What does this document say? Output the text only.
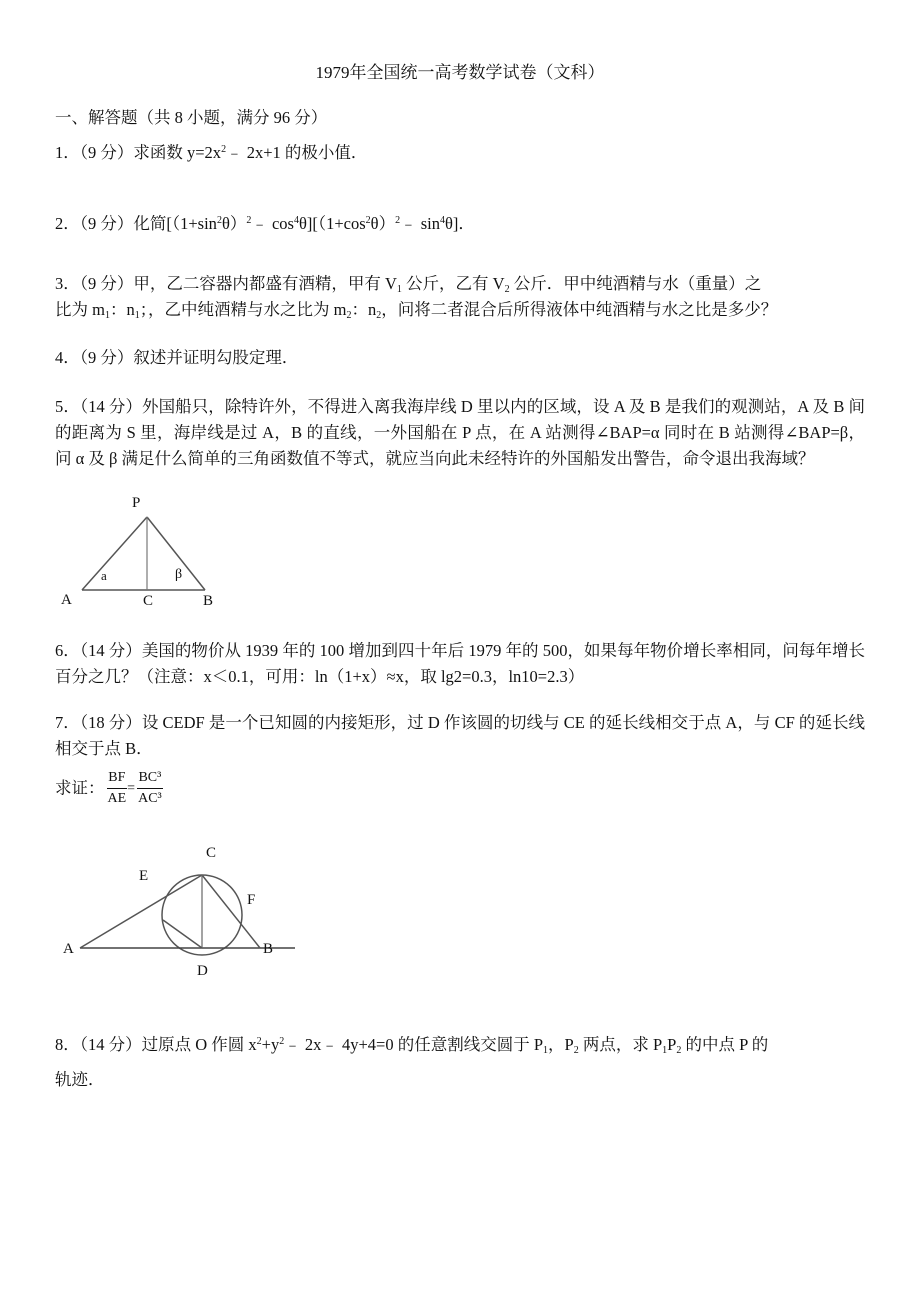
1979年全国统一高考数学试卷（文科）
一、解答题（共 8 小题，满分 96 分）
1．（9 分）求函数 $y=2x^2﹣$ 2x+1 的极小值．
2．（9 分）化简[$(1+\sin^2\theta)^2﹣$ $\cos^4\theta][(1+\cos^2\theta)^2﹣$ $\sin^4\theta$]．
3．（9 分）甲，乙二容器内都盛有酒精，甲有 $V_1$ 公斤，乙有 $V_2$ 公斤．甲中纯酒精与水（重量）之
比为 $m_1$：$n_1$；，乙中纯酒精与水之比为 $m_2$：$n_2$，问将二者混合后所得液体中纯酒精与水之比是多少？
4．（9 分）叙述并证明勾股定理．
5．（14 分）外国船只，除特许外，不得进入离我海岸线 D 里以内的区域，设 A 及 B 是我们的观测站，A 及 B 间的距离为 S 里，海岸线是过 A，B 的直线，一外国船在 P 点，在 A 站测得∠BAP=α 同时在 B 站测得∠BAP=β，问 α 及 β 满足什么简单的三角函数值不等式，就应当向此未经特许的外国船发出警告，命令退出我海域？
P
A	C	B
a	β
6．（14 分）美国的物价从 1939 年的 100 增加到四十年后 1979 年的 500，如果每年物价增长率相同，问每年增长百分之几？（注意：x＜0.1，可用：ln（1+x）≈x，取 lg2=0.3，ln10=2.3）
7．（18 分）设 CEDF 是一个已知圆的内接矩形，过 D 作该圆的切线与 CE 的延长线相交于点 A，与 CF 的延长线相交于点 B．
求证： $\frac{BF}{AE} = \frac{\text{BC³}}{\text{AC³}}$
A	B
C
D
E
F
8．（14 分）过原点 O 作圆 $x^2+y^2﹣$ 2x﹣ 4y+4=0 的任意割线交圆于 $P_1$，$P_2$ 两点，求 $P_1P_2$ 的中点 P 的
轨迹．
